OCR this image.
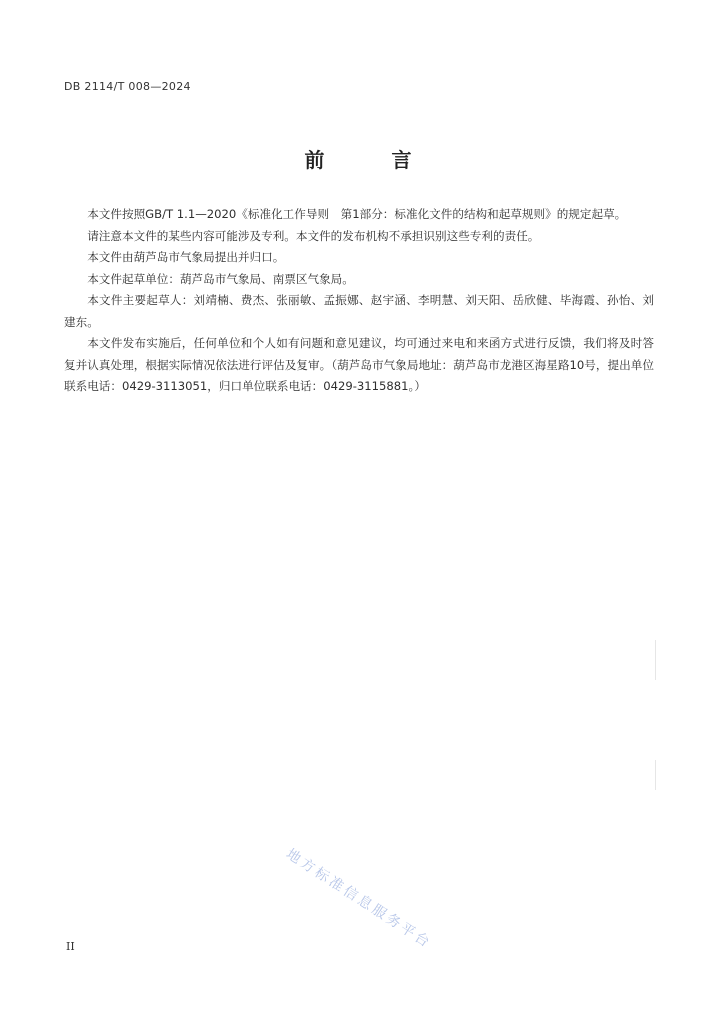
DB 2114/T 008—2024
前 言

本文件按照GB/T 1.1—2020《标准化工作导则　第1部分：标准化文件的结构和起草规则》的规定起草。

请注意本文件的某些内容可能涉及专利。本文件的发布机构不承担识别这些专利的责任。

本文件由葫芦岛市气象局提出并归口。

本文件起草单位：葫芦岛市气象局、南票区气象局。

本文件主要起草人：刘靖楠、费杰、张丽敏、孟振娜、赵宇涵、李明慧、刘天阳、岳欣健、毕海霞、孙怡、刘建东。

本文件发布实施后，任何单位和个人如有问题和意见建议，均可通过来电和来函方式进行反馈，我们将及时答复并认真处理，根据实际情况依法进行评估及复审。（葫芦岛市气象局地址：葫芦岛市龙港区海星路10号，提出单位联系电话：0429-3113051，归口单位联系电话：0429-3115881。）

地方标准信息服务平台
II
